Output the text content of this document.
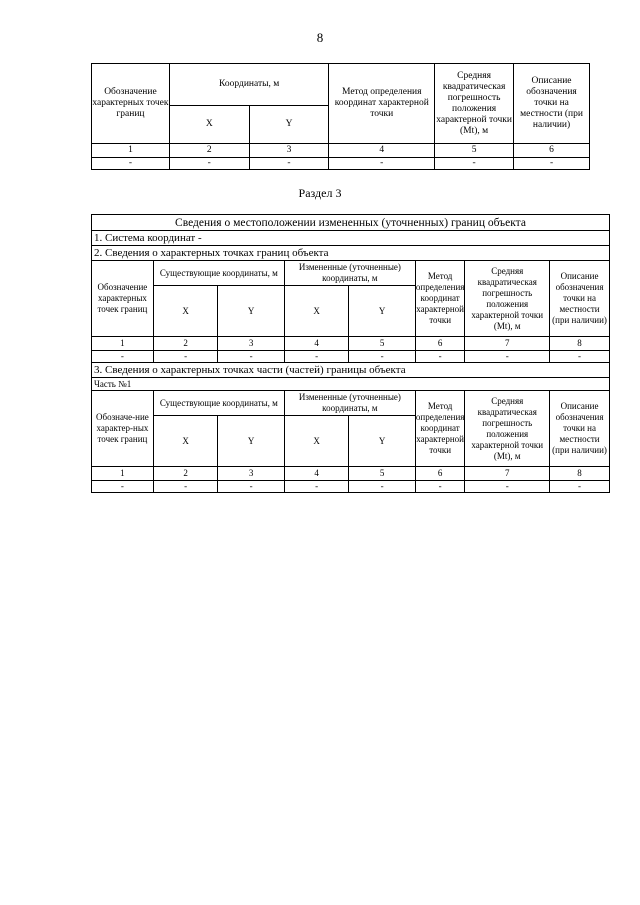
8
Обозначение характерных точек границ	Координаты, м		Метод определения координат характерной точки	Средняя квадратическая погрешность положения характерной точки (Mt), м	Описание обозначения точки на местности (при наличии)
	X	Y			
1	2	3	4	5	6
-	-	-	-	-	-
Раздел 3
Сведения о местоположении измененных (уточненных) границ объекта							
1. Система координат -							
2. Сведения о характерных точках границ объекта							
Обозначение характерных точек границ	Существующие координаты, м		Измененные (уточненные) координаты, м		Метод определения координат характерной точки	Средняя квадратическая погрешность положения характерной точки (Mt), м	Описание обозначения точки на местности (при наличии)
	X	Y	X	Y			
1	2	3	4	5	6	7	8
-	-	-	-	-	-	-	-
3. Сведения о характерных точках части (частей) границы объекта							
Часть №1							
Обозначе-ние характер-ных точек границ	Существующие координаты, м		Измененные (уточненные) координаты, м		Метод определения координат характерной точки	Средняя квадратическая погрешность положения характерной точки (Mt), м	Описание обозначения точки на местности (при наличии)
	X	Y	X	Y			
1	2	3	4	5	6	7	8
-	-	-	-	-	-	-	-
